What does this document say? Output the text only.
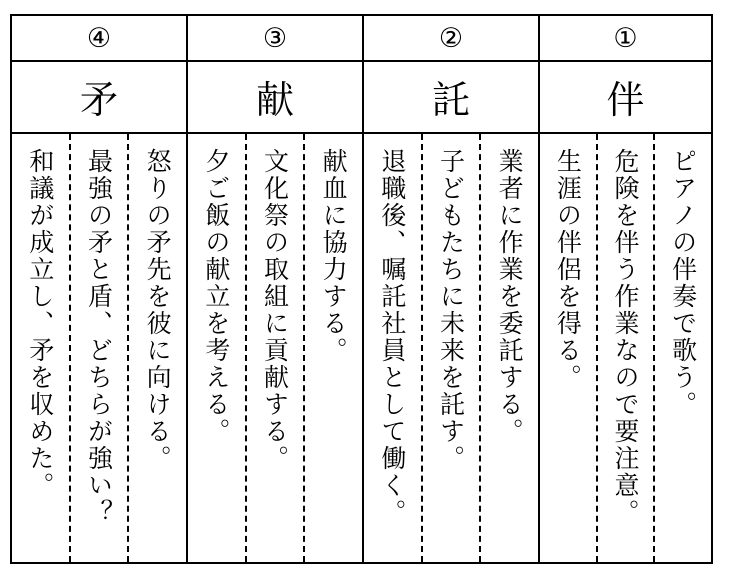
④
矛
怒りの矛先を彼に向ける。
最強の矛と盾、どちらが強い？
和議が成立し、矛を収めた。
③
献
献血に協力する。
文化祭の取組に貢献する。
夕ご飯の献立を考える。
②
託
業者に作業を委託する。
子どもたちに未来を託す。
退職後、嘱託社員として働く。
①
伴
ピアノの伴奏で歌う。
危険を伴う作業なので要注意。
生涯の伴侶を得る。
